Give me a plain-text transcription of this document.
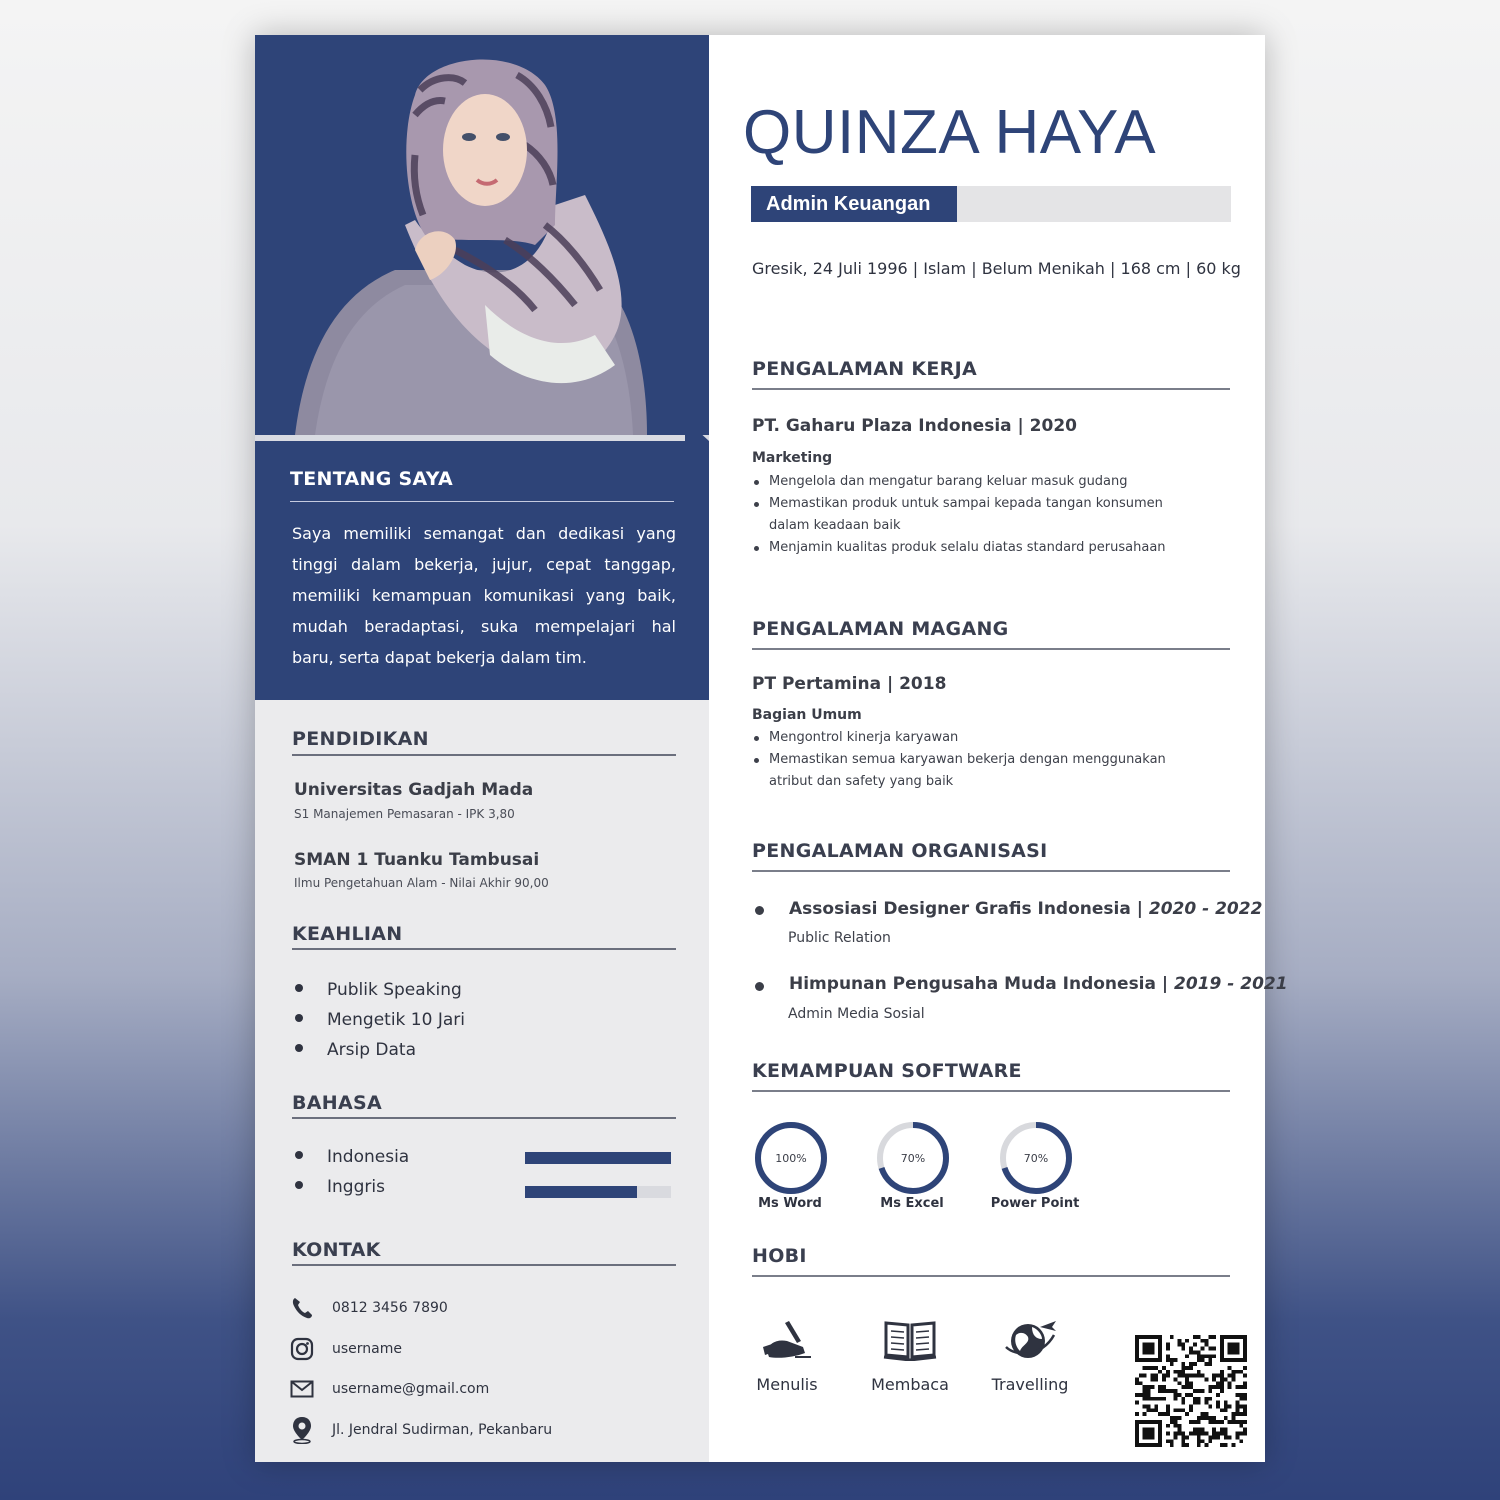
TENTANG SAYA
Saya memiliki semangat dan dedikasi yang tinggi dalam bekerja, jujur, cepat tanggap, memiliki kemampuan komunikasi yang baik, mudah beradaptasi, suka mempelajari hal baru, serta dapat bekerja dalam tim.
PENDIDIKAN
Universitas Gadjah Mada
S1 Manajemen Pemasaran - IPK 3,80
SMAN 1 Tuanku Tambusai
Ilmu Pengetahuan Alam - Nilai Akhir 90,00
KEAHLIAN
Publik Speaking
Mengetik 10 Jari
Arsip Data
BAHASA
Indonesia
Inggris
KONTAK
0812 3456 7890
username
username@gmail.com
Jl. Jendral Sudirman, Pekanbaru
QUINZA HAYA
Admin Keuangan
Gresik, 24 Juli 1996 | Islam | Belum Menikah | 168 cm | 60 kg
PENGALAMAN KERJA
PT. Gaharu Plaza Indonesia | 2020
Marketing
Mengelola dan mengatur barang keluar masuk gudang
Memastikan produk untuk sampai kepada tangan konsumen dalam keadaan baik
Menjamin kualitas produk selalu diatas standard perusahaan
PENGALAMAN MAGANG
PT Pertamina | 2018
Bagian Umum
Mengontrol kinerja karyawan
Memastikan semua karyawan bekerja dengan menggunakan atribut dan safety yang baik
PENGALAMAN ORGANISASI
Assosiasi Designer Grafis Indonesia | 2020 - 2022
Public Relation
Himpunan Pengusaha Muda Indonesia | 2019 - 2021
Admin Media Sosial
KEMAMPUAN SOFTWARE
100%
Ms Word
70%
Ms Excel
70%
Power Point
HOBI
Menulis	Membaca	Travelling
